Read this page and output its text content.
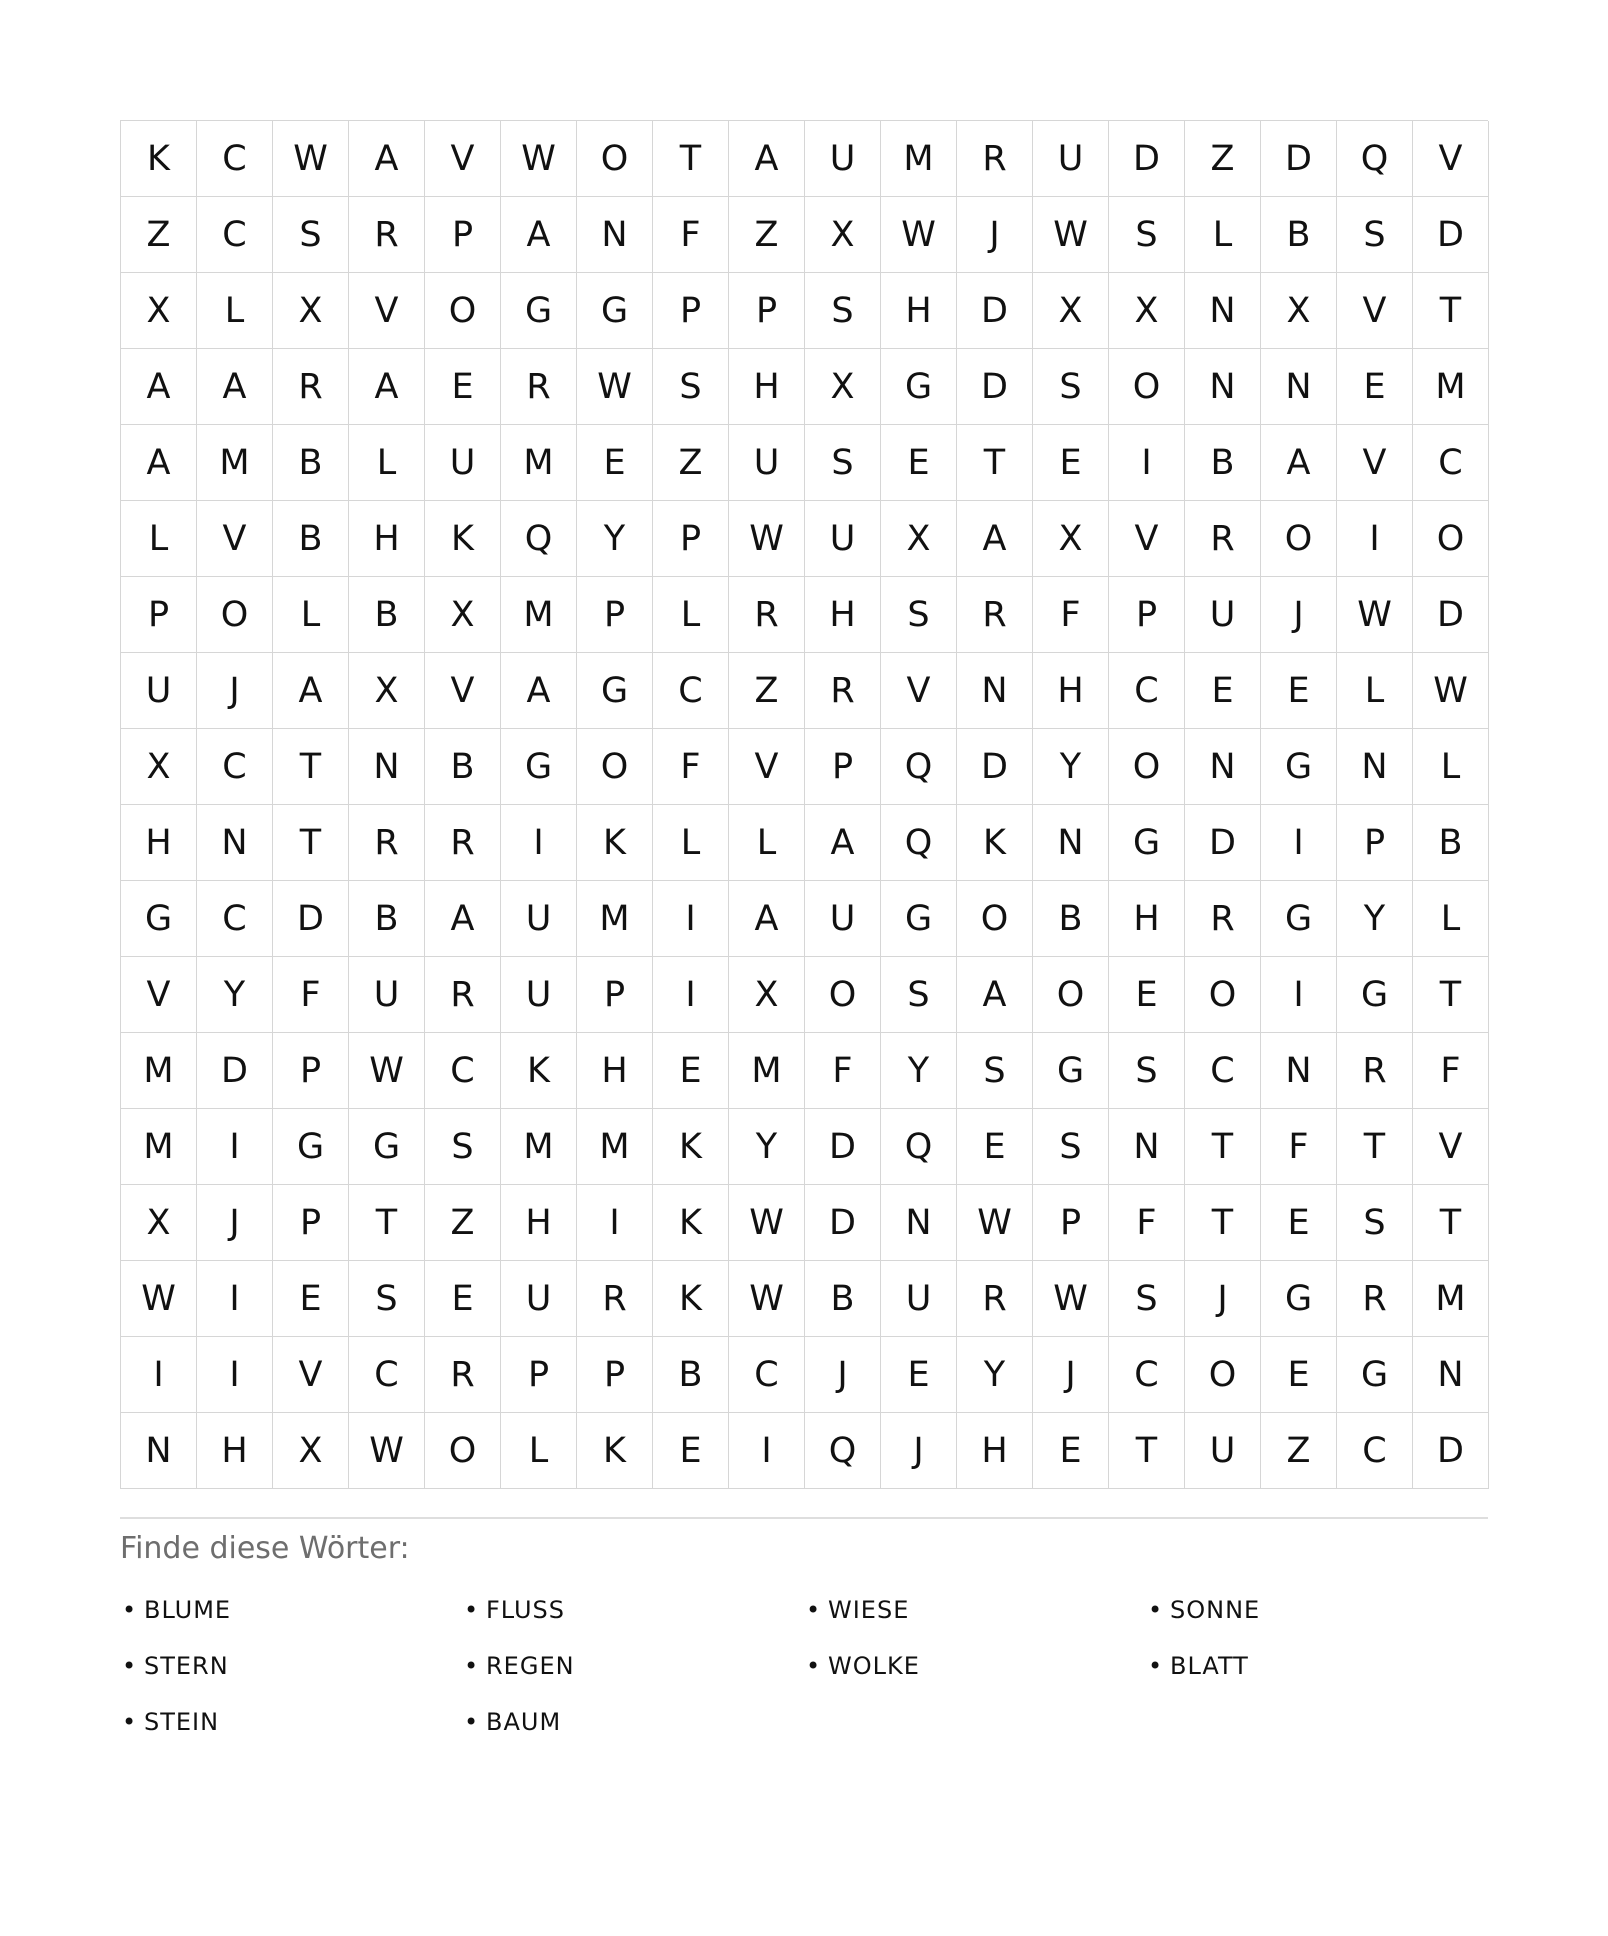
K	C	W	A	V	W	O	T	A	U	M	R	U	D	Z	D	Q	V
Z	C	S	R	P	A	N	F	Z	X	W	J	W	S	L	B	S	D
X	L	X	V	O	G	G	P	P	S	H	D	X	X	N	X	V	T
A	A	R	A	E	R	W	S	H	X	G	D	S	O	N	N	E	M
A	M	B	L	U	M	E	Z	U	S	E	T	E	I	B	A	V	C
L	V	B	H	K	Q	Y	P	W	U	X	A	X	V	R	O	I	O
P	O	L	B	X	M	P	L	R	H	S	R	F	P	U	J	W	D
U	J	A	X	V	A	G	C	Z	R	V	N	H	C	E	E	L	W
X	C	T	N	B	G	O	F	V	P	Q	D	Y	O	N	G	N	L
H	N	T	R	R	I	K	L	L	A	Q	K	N	G	D	I	P	B
G	C	D	B	A	U	M	I	A	U	G	O	B	H	R	G	Y	L
V	Y	F	U	R	U	P	I	X	O	S	A	O	E	O	I	G	T
M	D	P	W	C	K	H	E	M	F	Y	S	G	S	C	N	R	F
M	I	G	G	S	M	M	K	Y	D	Q	E	S	N	T	F	T	V
X	J	P	T	Z	H	I	K	W	D	N	W	P	F	T	E	S	T
W	I	E	S	E	U	R	K	W	B	U	R	W	S	J	G	R	M
I	I	V	C	R	P	P	B	C	J	E	Y	J	C	O	E	G	N
N	H	X	W	O	L	K	E	I	Q	J	H	E	T	U	Z	C	D
Finde diese Wörter:
• BLUME	• FLUSS	• WIESE	• SONNE
• STERN	• REGEN	• WOLKE	• BLATT
• STEIN	• BAUM
